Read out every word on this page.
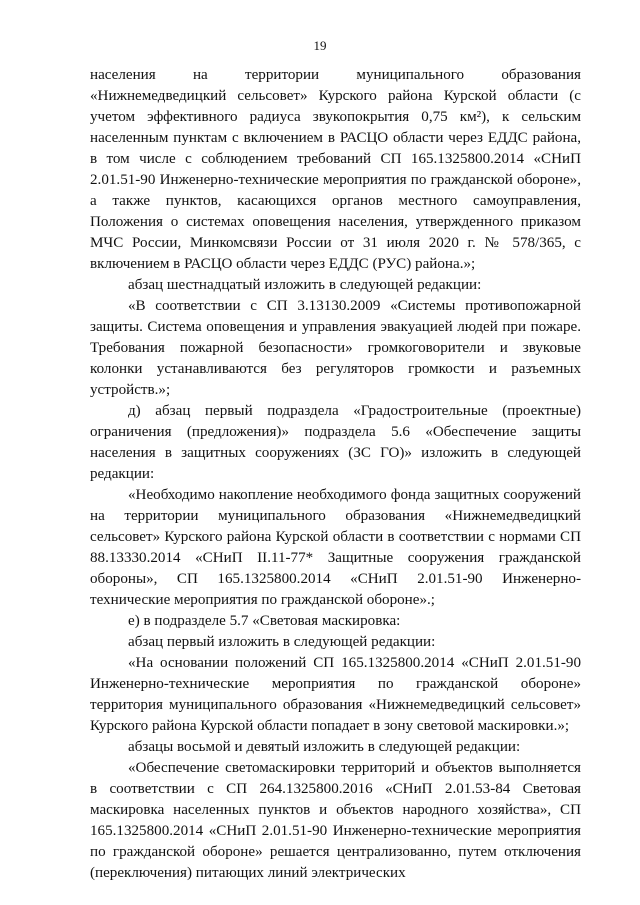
19

населения на территории муниципального образования «Нижнемедведицкий сельсовет» Курского района Курской области (с учетом эффективного радиуса звукопокрытия 0,75 км²), к сельским населенным пунктам с включением в РАСЦО области через ЕДДС района, в том числе с соблюдением требований СП 165.1325800.2014 «СНиП 2.01.51-90 Инженерно-технические мероприятия по гражданской обороне», а также пунктов, касающихся органов местного самоуправления, Положения о системах оповещения населения, утвержденного приказом МЧС России, Минкомсвязи России от 31 июля 2020 г. № 578/365, с включением в РАСЦО области через ЕДДС (РУС) района.»;

абзац шестнадцатый изложить в следующей редакции:

«В соответствии с СП 3.13130.2009 «Системы противопожарной защиты. Система оповещения и управления эвакуацией людей при пожаре. Требования пожарной безопасности» громкоговорители и звуковые колонки устанавливаются без регуляторов громкости и разъемных устройств.»;

д) абзац первый подраздела «Градостроительные (проектные) ограничения (предложения)» подраздела 5.6 «Обеспечение защиты населения в защитных сооружениях (ЗС ГО)» изложить в следующей редакции:

«Необходимо накопление необходимого фонда защитных сооружений на территории муниципального образования «Нижнемедведицкий сельсовет» Курского района Курской области в соответствии с нормами СП 88.13330.2014 «СНиП II.11-77* Защитные сооружения гражданской обороны», СП 165.1325800.2014 «СНиП 2.01.51-90 Инженерно-технические мероприятия по гражданской обороне».;

е) в подразделе 5.7 «Световая маскировка:

абзац первый изложить в следующей редакции:

«На основании положений СП 165.1325800.2014 «СНиП 2.01.51-90 Инженерно-технические мероприятия по гражданской обороне» территория муниципального образования «Нижнемедведицкий сельсовет» Курского района Курской области попадает в зону световой маскировки.»;

абзацы восьмой и девятый изложить в следующей редакции:

«Обеспечение светомаскировки территорий и объектов выполняется в соответствии с СП 264.1325800.2016 «СНиП 2.01.53-84 Световая маскировка населенных пунктов и объектов народного хозяйства», СП 165.1325800.2014 «СНиП 2.01.51-90 Инженерно-технические мероприятия по гражданской обороне» решается централизованно, путем отключения (переключения) питающих линий электрических
